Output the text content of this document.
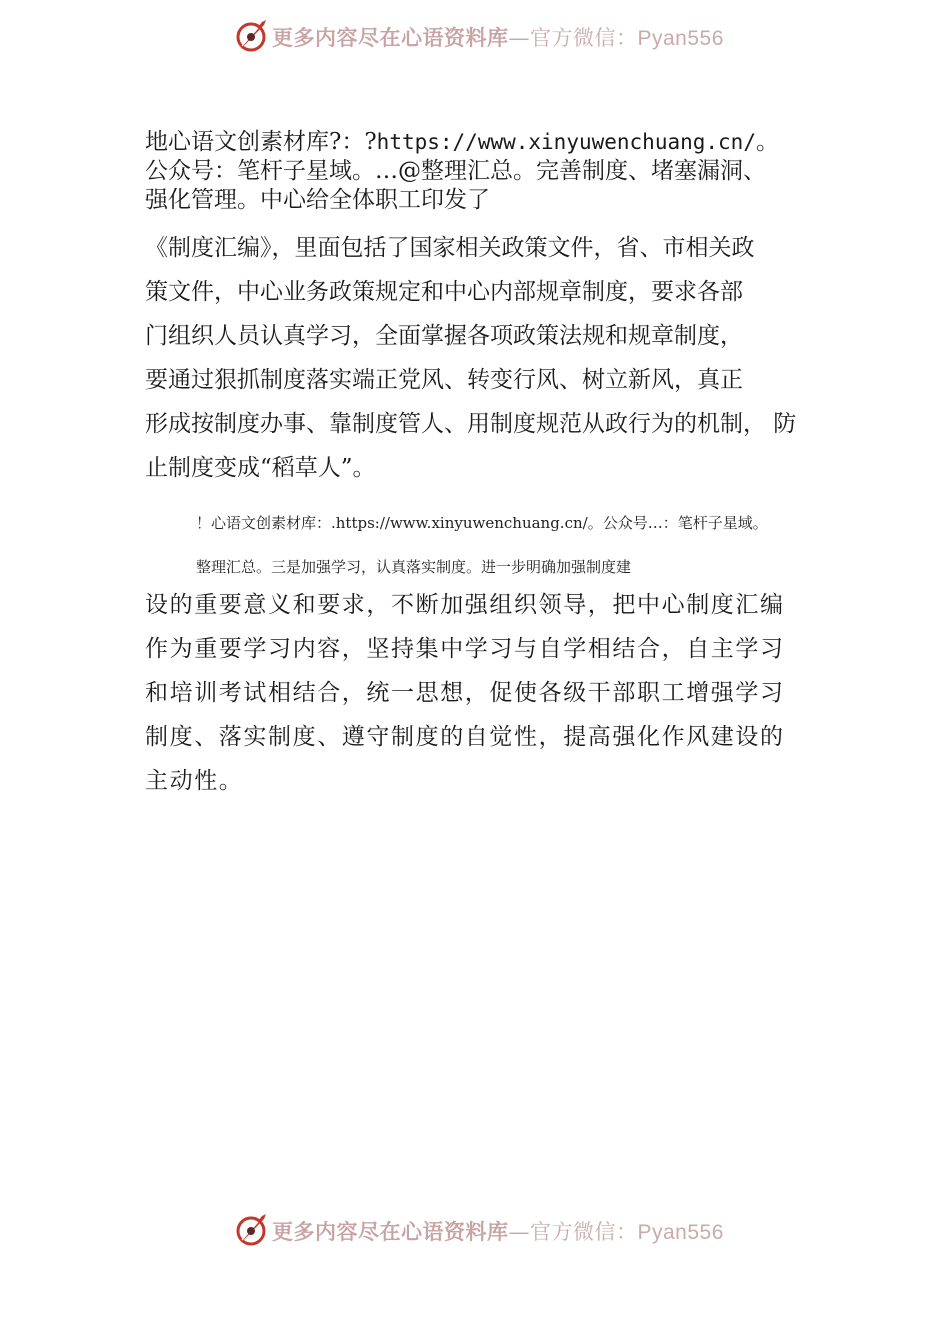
更多内容尽在心语资料库—官方微信：Pyan556
地心语文创素材库?：?https://www.xinyuwenchuang.cn/。
公众号：笔杆子星域。…@整理汇总。完善制度、堵塞漏洞、
强化管理。中心给全体职工印发了
《制度汇编》，里面包括了国家相关政策文件，省、市相关政
策文件，中心业务政策规定和中心内部规章制度，要求各部
门组织人员认真学习，全面掌握各项政策法规和规章制度，
要通过狠抓制度落实端正党风、转变行风、树立新风，真正
形成按制度办事、靠制度管人、用制度规范从政行为的机制， 防
止制度变成“稻草人”。
！心语文创素材库：.https://www.xinyuwenchuang.cn/。公众号…：笔杆子星域。
整理汇总。三是加强学习，认真落实制度。进一步明确加强制度建
设的重要意义和要求，不断加强组织领导，把中心制度汇编
作为重要学习内容，坚持集中学习与自学相结合，自主学习
和培训考试相结合，统一思想，促使各级干部职工增强学习
制度、落实制度、遵守制度的自觉性，提高强化作风建设的
主动性。
更多内容尽在心语资料库—官方微信：Pyan556
